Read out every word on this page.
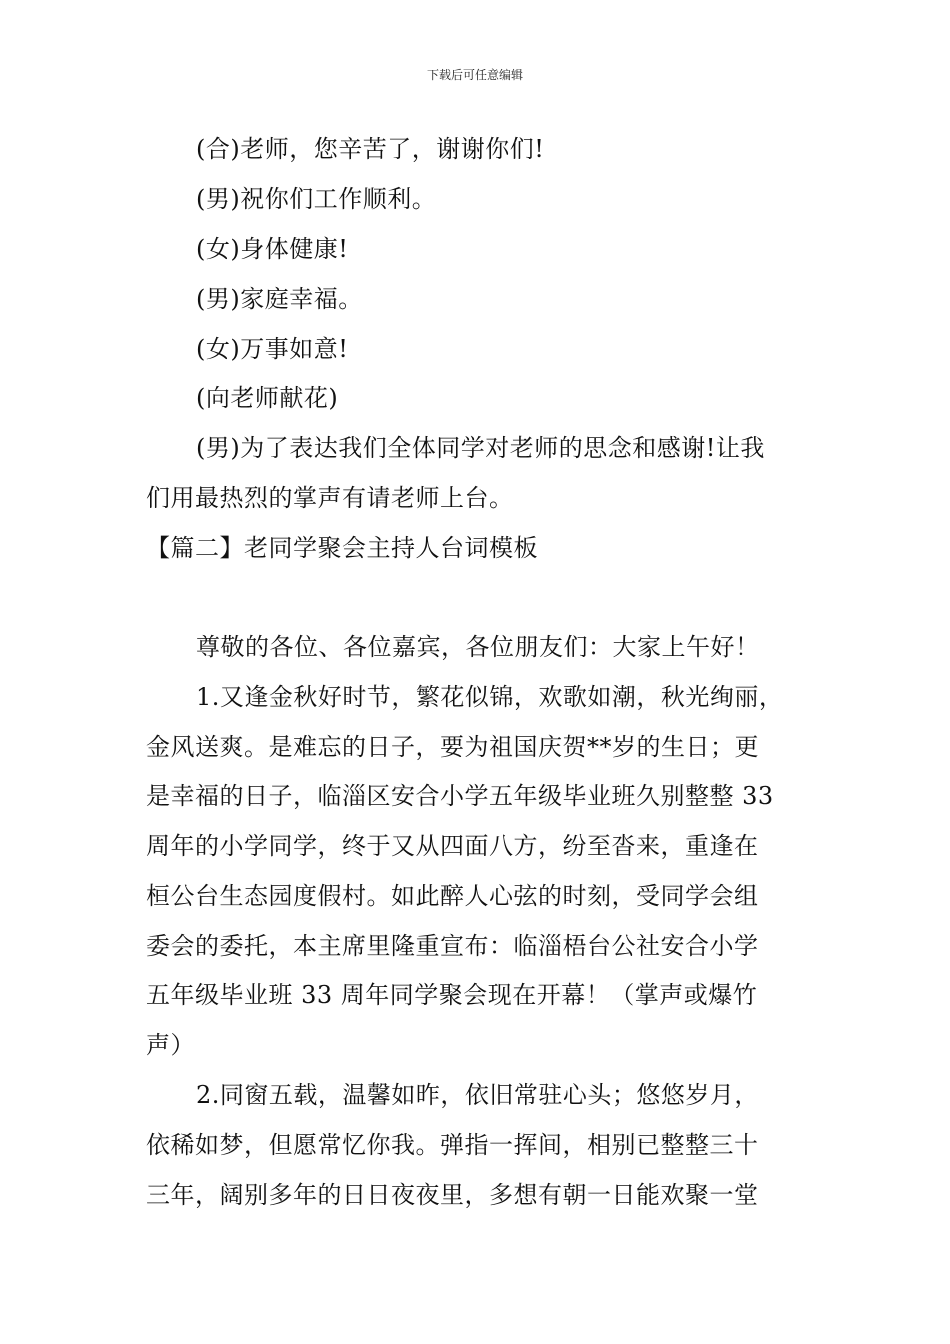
下载后可任意编辑
(合)老师，您辛苦了，谢谢你们!
(男)祝你们工作顺利。
(女)身体健康!
(男)家庭幸福。
(女)万事如意!
(向老师献花)
(男)为了表达我们全体同学对老师的思念和感谢!让我
们用最热烈的掌声有请老师上台。
【篇二】老同学聚会主持人台词模板
尊敬的各位、各位嘉宾，各位朋友们：大家上午好！
1.又逢金秋好时节，繁花似锦，欢歌如潮，秋光绚丽，
金风送爽。是难忘的日子，要为祖国庆贺**岁的生日；更
是幸福的日子，临淄区安合小学五年级毕业班久别整整 33
周年的小学同学，终于又从四面八方，纷至沓来，重逢在
桓公台生态园度假村。如此醉人心弦的时刻，受同学会组
委会的委托，本主席里隆重宣布：临淄梧台公社安合小学
五年级毕业班 33 周年同学聚会现在开幕！（掌声或爆竹
声）
2.同窗五载，温馨如昨，依旧常驻心头；悠悠岁月，
依稀如梦，但愿常忆你我。弹指一挥间，相别已整整三十
三年，阔别多年的日日夜夜里，多想有朝一日能欢聚一堂
